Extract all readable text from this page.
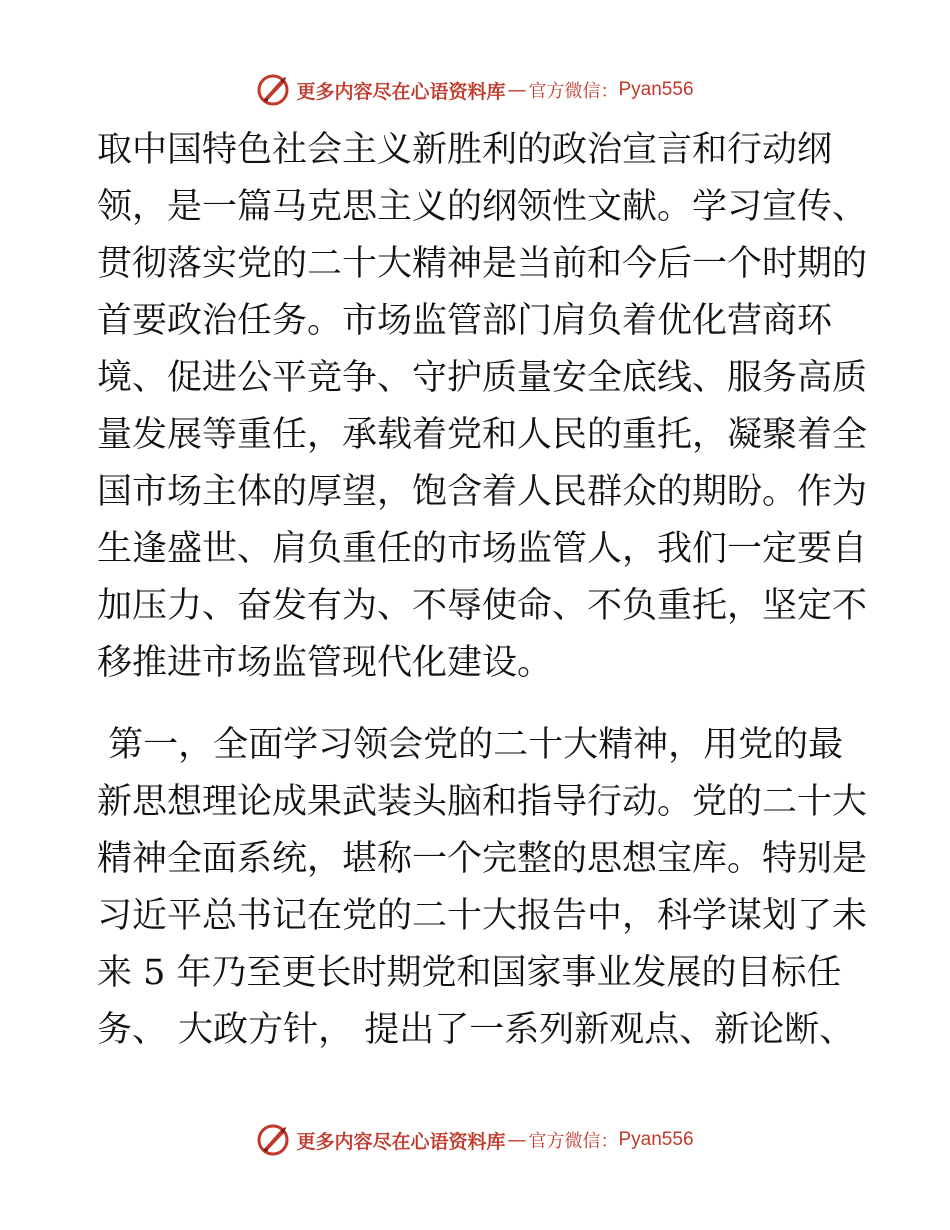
更多内容尽在心语资料库 — 官方微信： Pyan556
取中国特色社会主义新胜利的政治宣言和行动纲
领，是一篇马克思主义的纲领性文献。学习宣传、
贯彻落实党的二十大精神是当前和今后一个时期的
首要政治任务。市场监管部门肩负着优化营商环
境、促进公平竞争、守护质量安全底线、服务高质
量发展等重任，承载着党和人民的重托，凝聚着全
国市场主体的厚望，饱含着人民群众的期盼。作为
生逢盛世、肩负重任的市场监管人，我们一定要自
加压力、奋发有为、不辱使命、不负重托，坚定不
移推进市场监管现代化建设。
第一，全面学习领会党的二十大精神，用党的最
新思想理论成果武装头脑和指导行动。党的二十大
精神全面系统，堪称一个完整的思想宝库。特别是
习近平总书记在党的二十大报告中，科学谋划了未
来 5 年乃至更长时期党和国家事业发展的目标任
务、 大政方针， 提出了一系列新观点、新论断、
更多内容尽在心语资料库 — 官方微信： Pyan556
